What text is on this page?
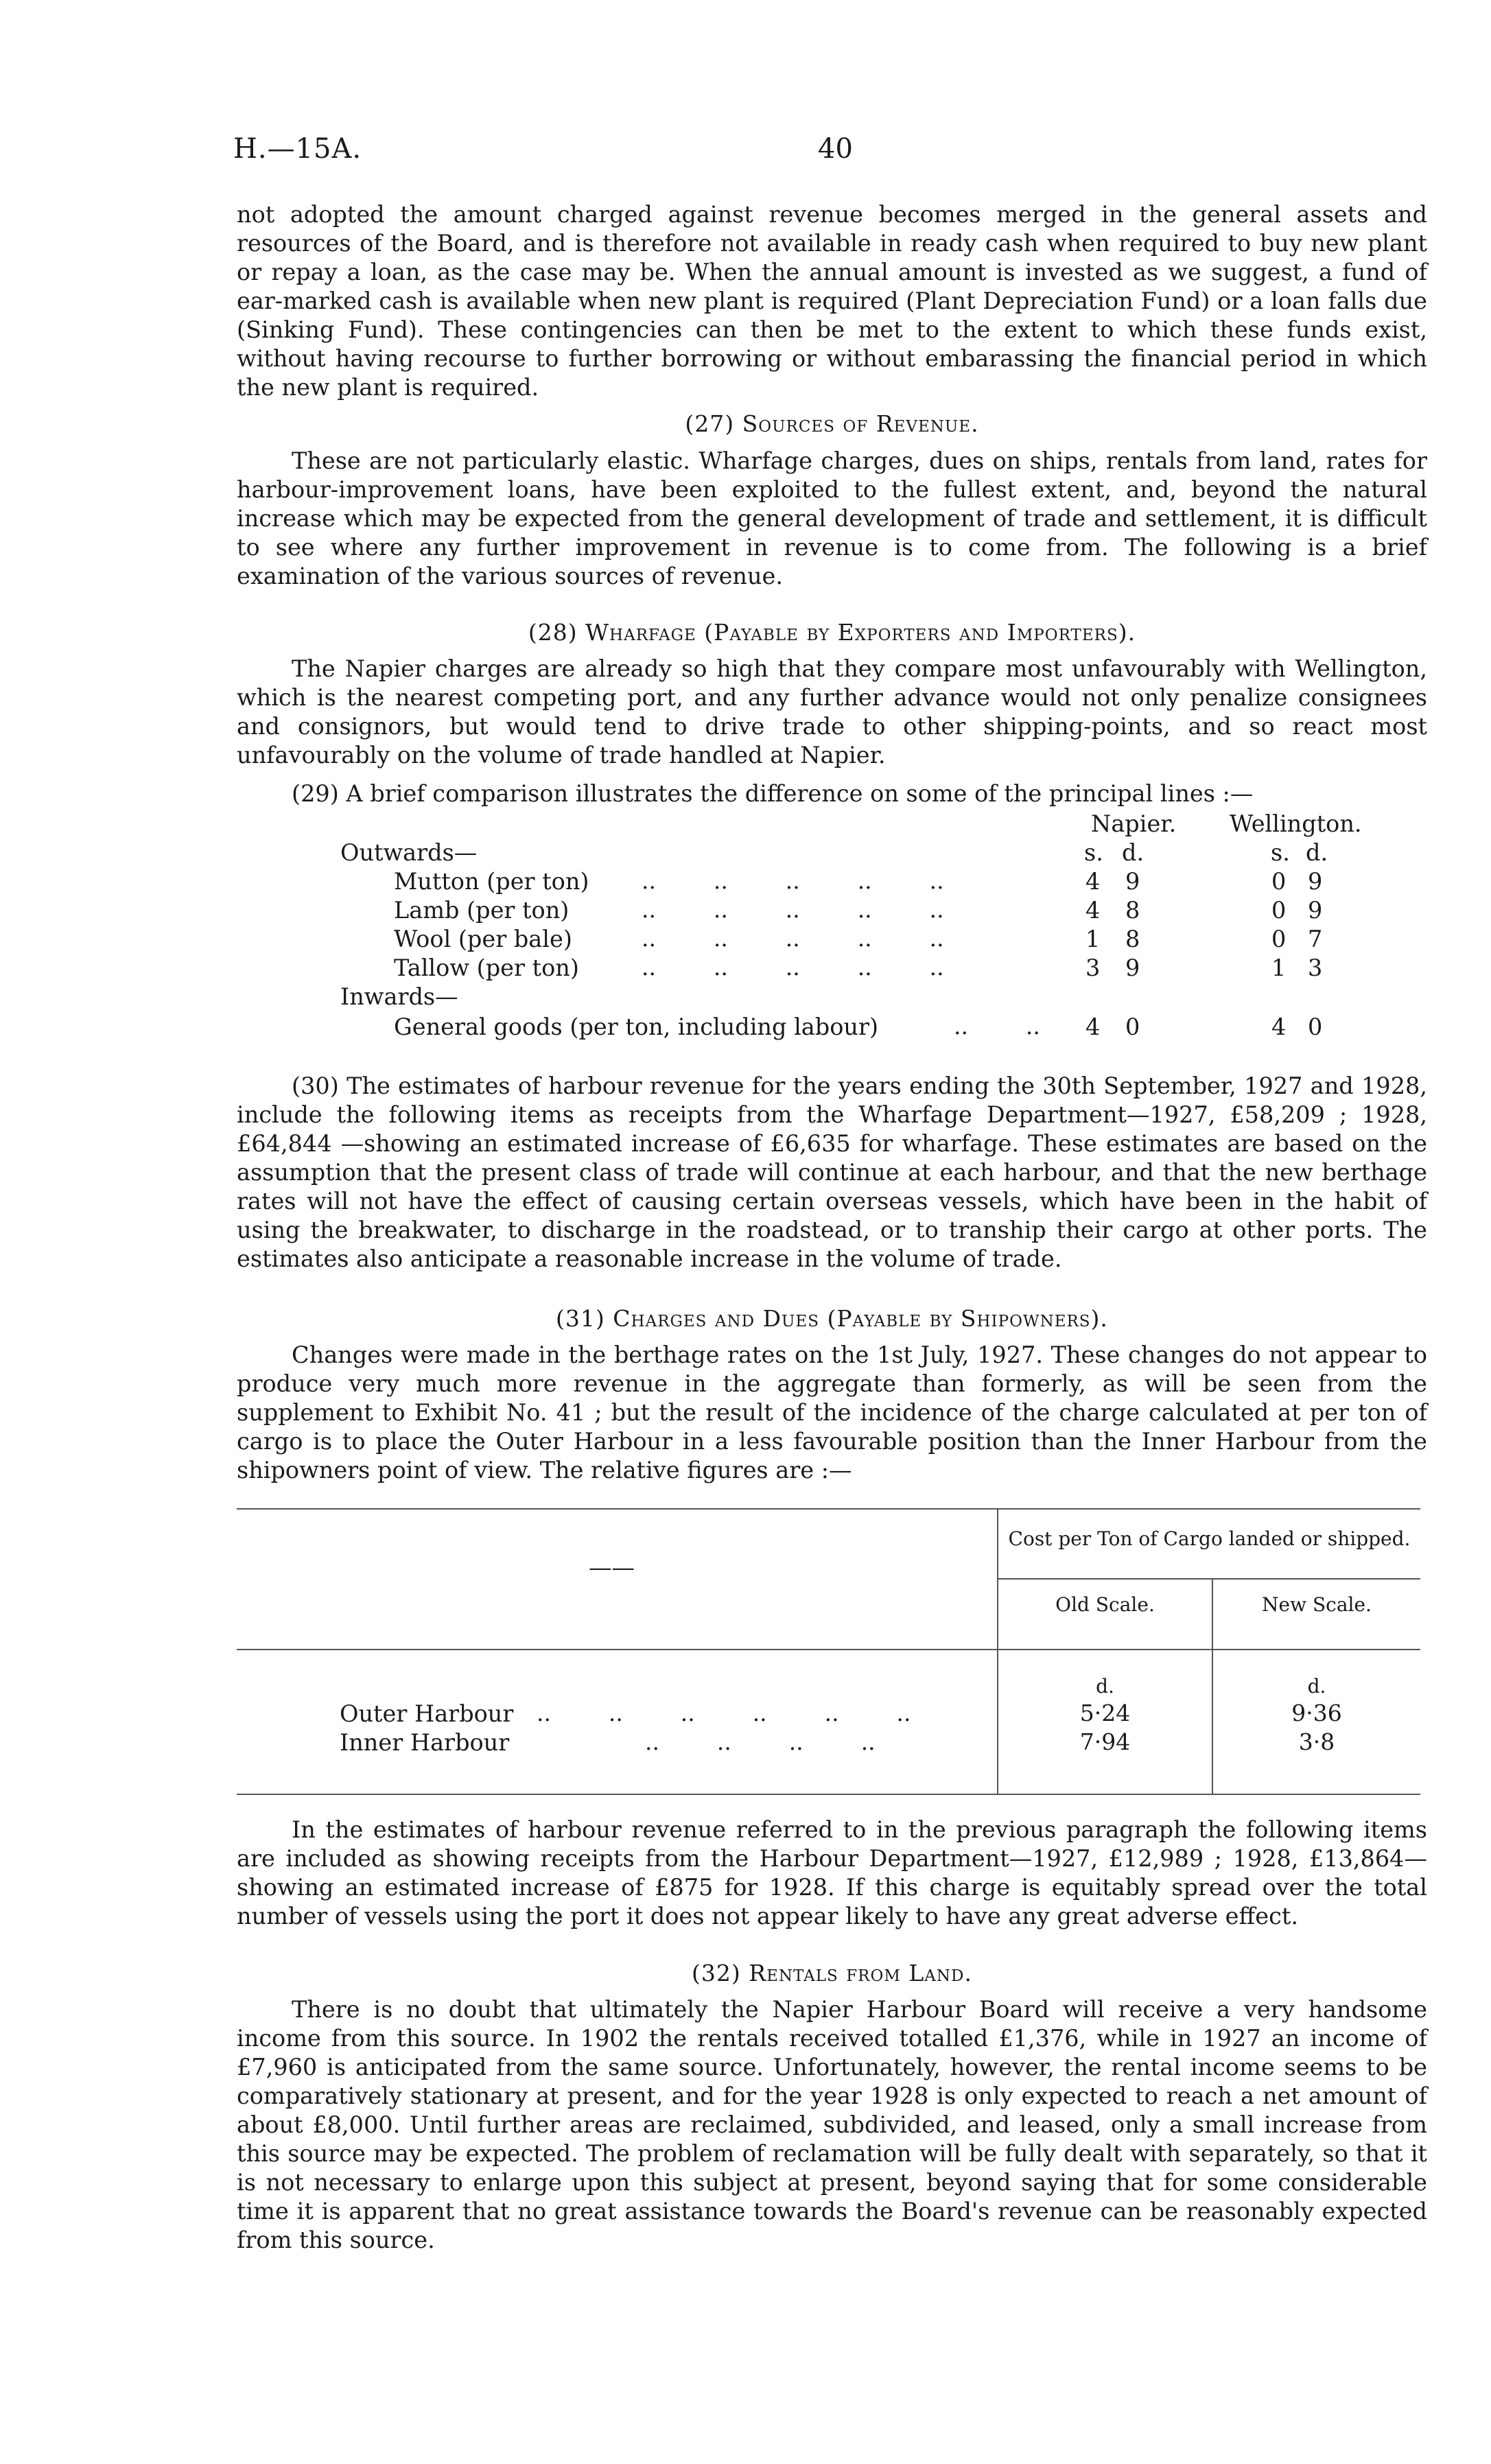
H.—15A.	40

not adopted the amount charged against revenue becomes merged in the general assets and resources of the Board, and is therefore not available in ready cash when required to buy new plant or repay a loan, as the case may be. When the annual amount is invested as we suggest, a fund of ear-marked cash is available when new plant is required (Plant Depreciation Fund) or a loan falls due (Sinking Fund). These contingencies can then be met to the extent to which these funds exist, without having recourse to further borrowing or without embarassing the financial period in which the new plant is required.

(27) Sources of Revenue.

These are not particularly elastic. Wharfage charges, dues on ships, rentals from land, rates for harbour-improvement loans, have been exploited to the fullest extent, and, beyond the natural increase which may be expected from the general development of trade and settlement, it is difficult to see where any further improvement in revenue is to come from. The following is a brief examination of the various sources of revenue.

(28) Wharfage (Payable by Exporters and Importers).

The Napier charges are already so high that they compare most unfavourably with Wellington, which is the nearest competing port, and any further advance would not only penalize consignees and consignors, but would tend to drive trade to other shipping-points, and so react most unfavourably on the volume of trade handled at Napier.

(29) A brief comparison illustrates the difference on some of the principal lines :—

Napier. Wellington.
Outwards—	s. d.	s. d.
Mutton (per ton) ..        ..        ..        ..        ..	4 9	0 9
Lamb (per ton)	..        ..        ..        ..        ..	4 8	0 9
Wool (per bale)	..        ..        ..        ..        ..	1 8	0 7
Tallow (per ton)	..        ..        ..        ..        ..	3 9	1 3
Inwards—
General goods (per ton, including labour)	..        .. 4 0	4 0

(30) The estimates of harbour revenue for the years ending the 30th September, 1927 and 1928, include the following items as receipts from the Wharfage Department—1927, £58,209 ; 1928, £64,844 —showing an estimated increase of £6,635 for wharfage. These estimates are based on the assumption that the present class of trade will continue at each harbour, and that the new berthage rates will not have the effect of causing certain overseas vessels, which have been in the habit of using the breakwater, to discharge in the roadstead, or to tranship their cargo at other ports. The estimates also anticipate a reasonable increase in the volume of trade.

(31) Charges and Dues (Payable by Shipowners).

Changes were made in the berthage rates on the 1st July, 1927. These changes do not appear to produce very much more revenue in the aggregate than formerly, as will be seen from the supplement to Exhibit No. 41 ; but the result of the incidence of the charge calculated at per ton of cargo is to place the Outer Harbour in a less favourable position than the Inner Harbour from the shipowners point of view. The relative figures are :—

——
Cost per Ton of Cargo landed or shipped.
Old Scale.	New Scale.
d.	d.
Outer Harbour ..        ..        ..        ..        ..        ..	5·24	9·36
Inner Harbour	..        ..        ..        ..	7·94	3·8

In the estimates of harbour revenue referred to in the previous paragraph the following items are included as showing receipts from the Harbour Department—1927, £12,989 ; 1928, £13,864— showing an estimated increase of £875 for 1928. If this charge is equitably spread over the total number of vessels using the port it does not appear likely to have any great adverse effect.

(32) Rentals from Land.

There is no doubt that ultimately the Napier Harbour Board will receive a very handsome income from this source. In 1902 the rentals received totalled £1,376, while in 1927 an income of £7,960 is anticipated from the same source. Unfortunately, however, the rental income seems to be comparatively stationary at present, and for the year 1928 is only expected to reach a net amount of about £8,000. Until further areas are reclaimed, subdivided, and leased, only a small increase from this source may be expected. The problem of reclamation will be fully dealt with separately, so that it is not necessary to enlarge upon this subject at present, beyond saying that for some considerable time it is apparent that no great assistance towards the Board's revenue can be reasonably expected from this source.
